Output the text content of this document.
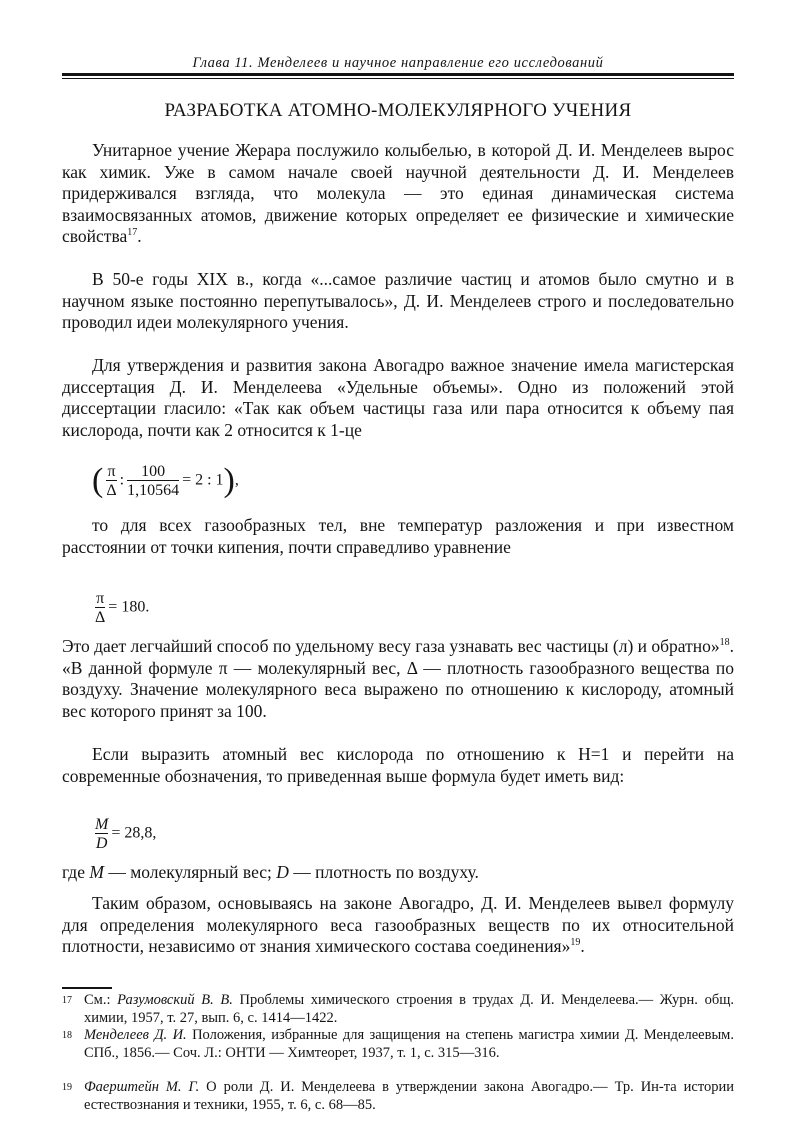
Глава 11. Менделеев и научное направление его исследований
РАЗРАБОТКА АТОМНО-МОЛЕКУЛЯРНОГО УЧЕНИЯ

Унитарное учение Жерара послужило колыбелью, в которой Д. И. Менделеев вырос как химик. Уже в самом начале своей научной деятельности Д. И. Менделеев придерживался взгляда, что молекула — это единая динамическая система взаимосвязанных атомов, движение которых определяет ее физические и химические свойства$^{17}$.

В 50-е годы XIX в., когда «...самое различие частиц и атомов было смутно и в научном языке постоянно перепутывалось», Д. И. Менделеев строго и последовательно проводил идеи молекулярного учения.

Для утверждения и развития закона Авогадро важное значение имела магистерская диссертация Д. И. Менделеева «Удельные объемы». Одно из положений этой диссертации гласило: «Так как объем частицы газа или пара относится к объему пая кислорода, почти как 2 относится к 1-це

( $\frac{\pi}{\Delta}$ : $\frac{100}{1,10564} = 2$ : 1),

то для всех газообразных тел, вне температур разложения и при известном расстоянии от точки кипения, почти справедливо уравнение

$\frac{\pi}{\Delta} = 180$.

Это дает легчайший способ по удельному весу газа узнавать вес частицы (л) и обратно»$^{18}$. «В данной формуле π — молекулярный вес, Δ — плотность газообразного вещества по воздуху. Значение молекулярного веса выражено по отношению к кислороду, атомный вес которого принят за 100.

Если выразить атомный вес кислорода по отношению к H=1 и перейти на современные обозначения, то приведенная выше формула будет иметь вид:

$\frac{M}{D} = 28,8$,

где M — молекулярный вес; D — плотность по воздуху.

Таким образом, основываясь на законе Авогадро, Д. И. Менделеев вывел формулу для определения молекулярного веса газообразных веществ по их относительной плотности, независимо от знания химического состава соединения»$^{19}$.

17 См.: Разумовский В. В. Проблемы химического строения в трудах Д. И. Менделеева.— Журн. общ. химии, 1957, т. 27, вып. 6, с. 1414—1422.

18 Менделеев Д. И. Положения, избранные для защищения на степень магистра химии Д. Менделеевым. СПб., 1856.— Соч. Л.: ОНТИ — Химтеорет, 1937, т. 1, с. 315—316.

19 Фаерштейн М. Г. О роли Д. И. Менделеева в утверждении закона Авогадро.— Тр. Ин-та истории естествознания и техники, 1955, т. 6, с. 68—85.
